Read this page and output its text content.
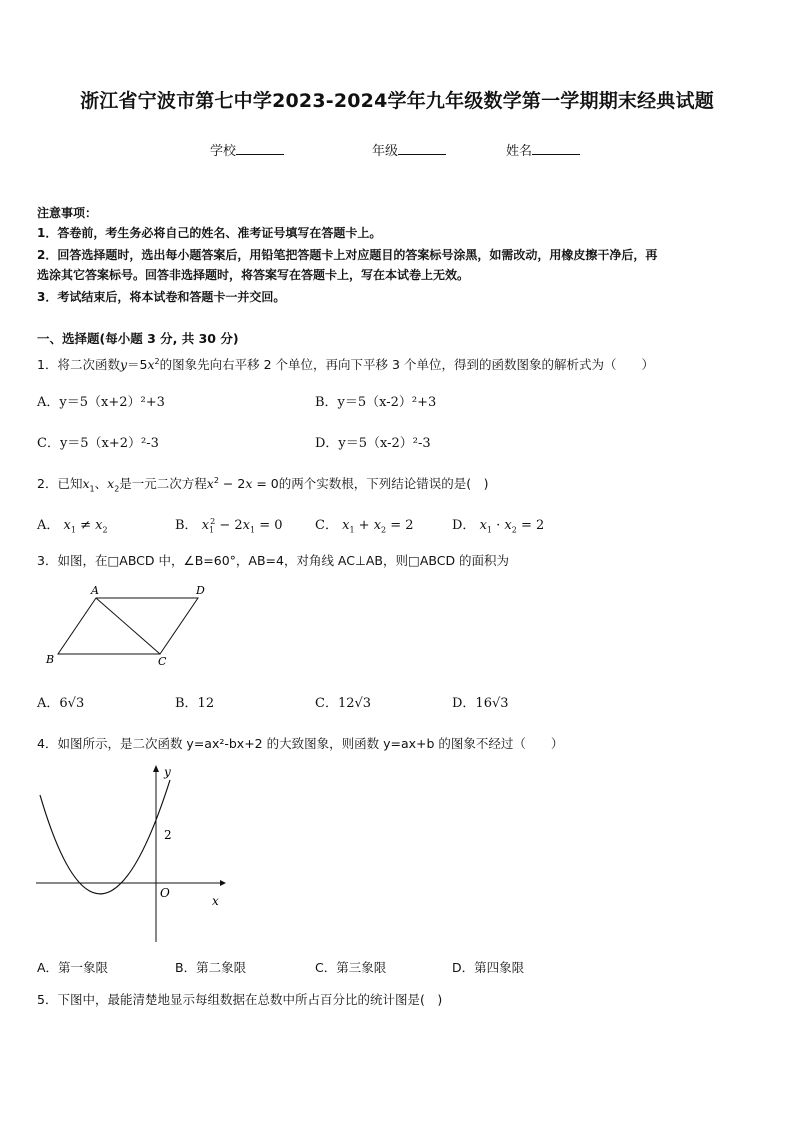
浙江省宁波市第七中学2023-2024学年九年级数学第一学期期末经典试题
学校	年级	姓名
注意事项：
1．答卷前，考生务必将自己的姓名、准考证号填写在答题卡上。
2．回答选择题时，选出每小题答案后，用铅笔把答题卡上对应题目的答案标号涂黑，如需改动，用橡皮擦干净后，再
选涂其它答案标号。回答非选择题时，将答案写在答题卡上，写在本试卷上无效。
3．考试结束后，将本试卷和答题卡一并交回。
一、选择题(每小题 3 分, 共 30 分)
1．将二次函数$y=5x^2$的图象先向右平移 2 个单位，再向下平移 3 个单位，得到的函数图象的解析式为（　　）
A．y＝5（x+2）²+3	B．y＝5（x-2）²+3
C．y＝5（x+2）²-3	D．y＝5（x-2）²-3
2．已知$x_1$、$x_2$是一元二次方程$x^2 - 2x = 0$的两个实数根，下列结论错误的是(　)
A． $x_1 \ne x_2$	B． $x_1^2 - 2x_1 = 0$ C． $x_1 + x_2 = 2$	D． $x_1 \cdot x_2 = 2$
3．如图，在□ABCD 中，∠B=60°，AB=4，对角线 AC⊥AB，则□ABCD 的面积为
A	D
B	C
A．6√3	B．12	C．12√3	D．16√3
4．如图所示，是二次函数 y=ax²-bx+2 的大致图象，则函数 y=ax+b 的图象不经过（　　）
y
x
O
2
A．第一象限	B．第二象限	C．第三象限	D．第四象限
5．下图中，最能清楚地显示每组数据在总数中所占百分比的统计图是(　)
